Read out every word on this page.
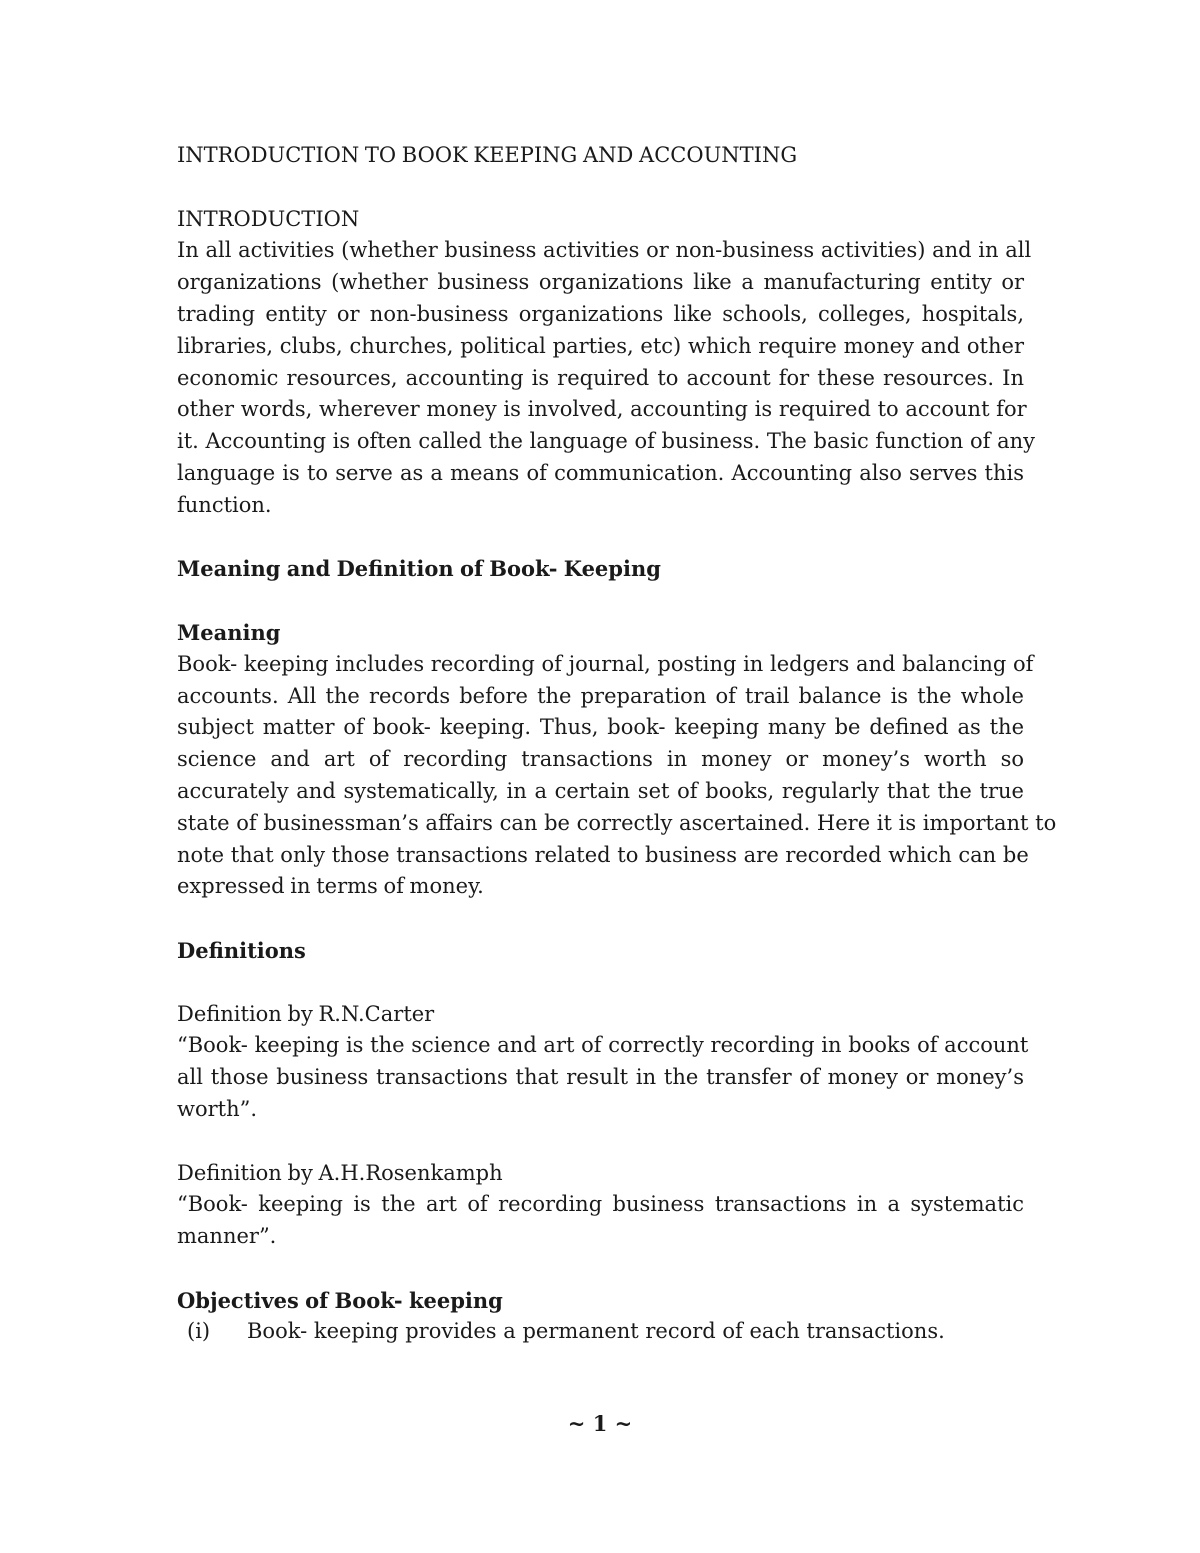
INTRODUCTION TO BOOK KEEPING AND ACCOUNTING

INTRODUCTION

In all activities (whether business activities or non-business activities) and in all

organizations (whether business organizations like a manufacturing entity or

trading entity or non-business organizations like schools, colleges, hospitals,

libraries, clubs, churches, political parties, etc) which require money and other

economic resources, accounting is required to account for these resources. In

other words, wherever money is involved, accounting is required to account for

it. Accounting is often called the language of business. The basic function of any

language is to serve as a means of communication. Accounting also serves this

function.

Meaning and Definition of Book- Keeping

Meaning

Book- keeping includes recording of journal, posting in ledgers and balancing of

accounts. All the records before the preparation of trail balance is the whole

subject matter of book- keeping. Thus, book- keeping many be defined as the

science and art of recording transactions in money or money’s worth so

accurately and systematically, in a certain set of books, regularly that the true

state of businessman’s affairs can be correctly ascertained. Here it is important to

note that only those transactions related to business are recorded which can be

expressed in terms of money.

Definitions

Definition by R.N.Carter

“Book- keeping is the science and art of correctly recording in books of account

all those business transactions that result in the transfer of money or money’s

worth”.

Definition by A.H.Rosenkamph

“Book- keeping is the art of recording business transactions in a systematic

manner”.

Objectives of Book- keeping

(i)	Book- keeping provides a permanent record of each transactions.
~ 1 ~
